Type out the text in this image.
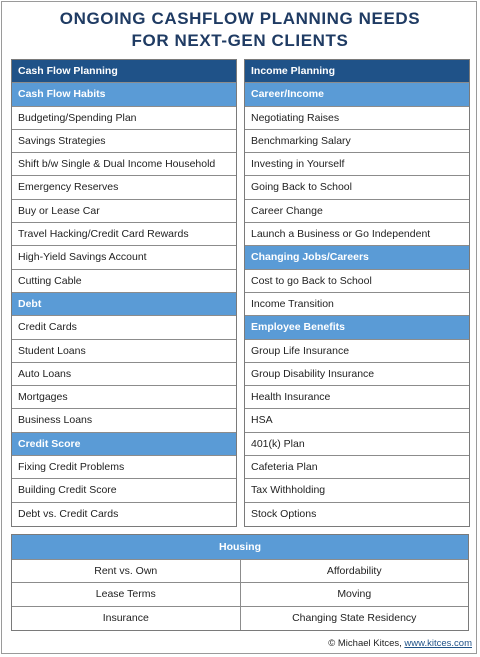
ONGOING CASHFLOW PLANNING NEEDS
FOR NEXT-GEN CLIENTS
Cash Flow Planning
Cash Flow Habits
Budgeting/Spending Plan
Savings Strategies
Shift b/w Single & Dual Income Household
Emergency Reserves
Buy or Lease Car
Travel Hacking/Credit Card Rewards
High-Yield Savings Account
Cutting Cable
Debt
Credit Cards
Student Loans
Auto Loans
Mortgages
Business Loans
Credit Score
Fixing Credit Problems
Building Credit Score
Debt vs. Credit Cards
Income Planning
Career/Income
Negotiating Raises
Benchmarking Salary
Investing in Yourself
Going Back to School
Career Change
Launch a Business or Go Independent
Changing Jobs/Careers
Cost to go Back to School
Income Transition
Employee Benefits
Group Life Insurance
Group Disability Insurance
Health Insurance
HSA
401(k) Plan
Cafeteria Plan
Tax Withholding
Stock Options
Housing
Rent vs. Own	Affordability
Lease Terms	Moving
Insurance	Changing State Residency
© Michael Kitces, www.kitces.com
